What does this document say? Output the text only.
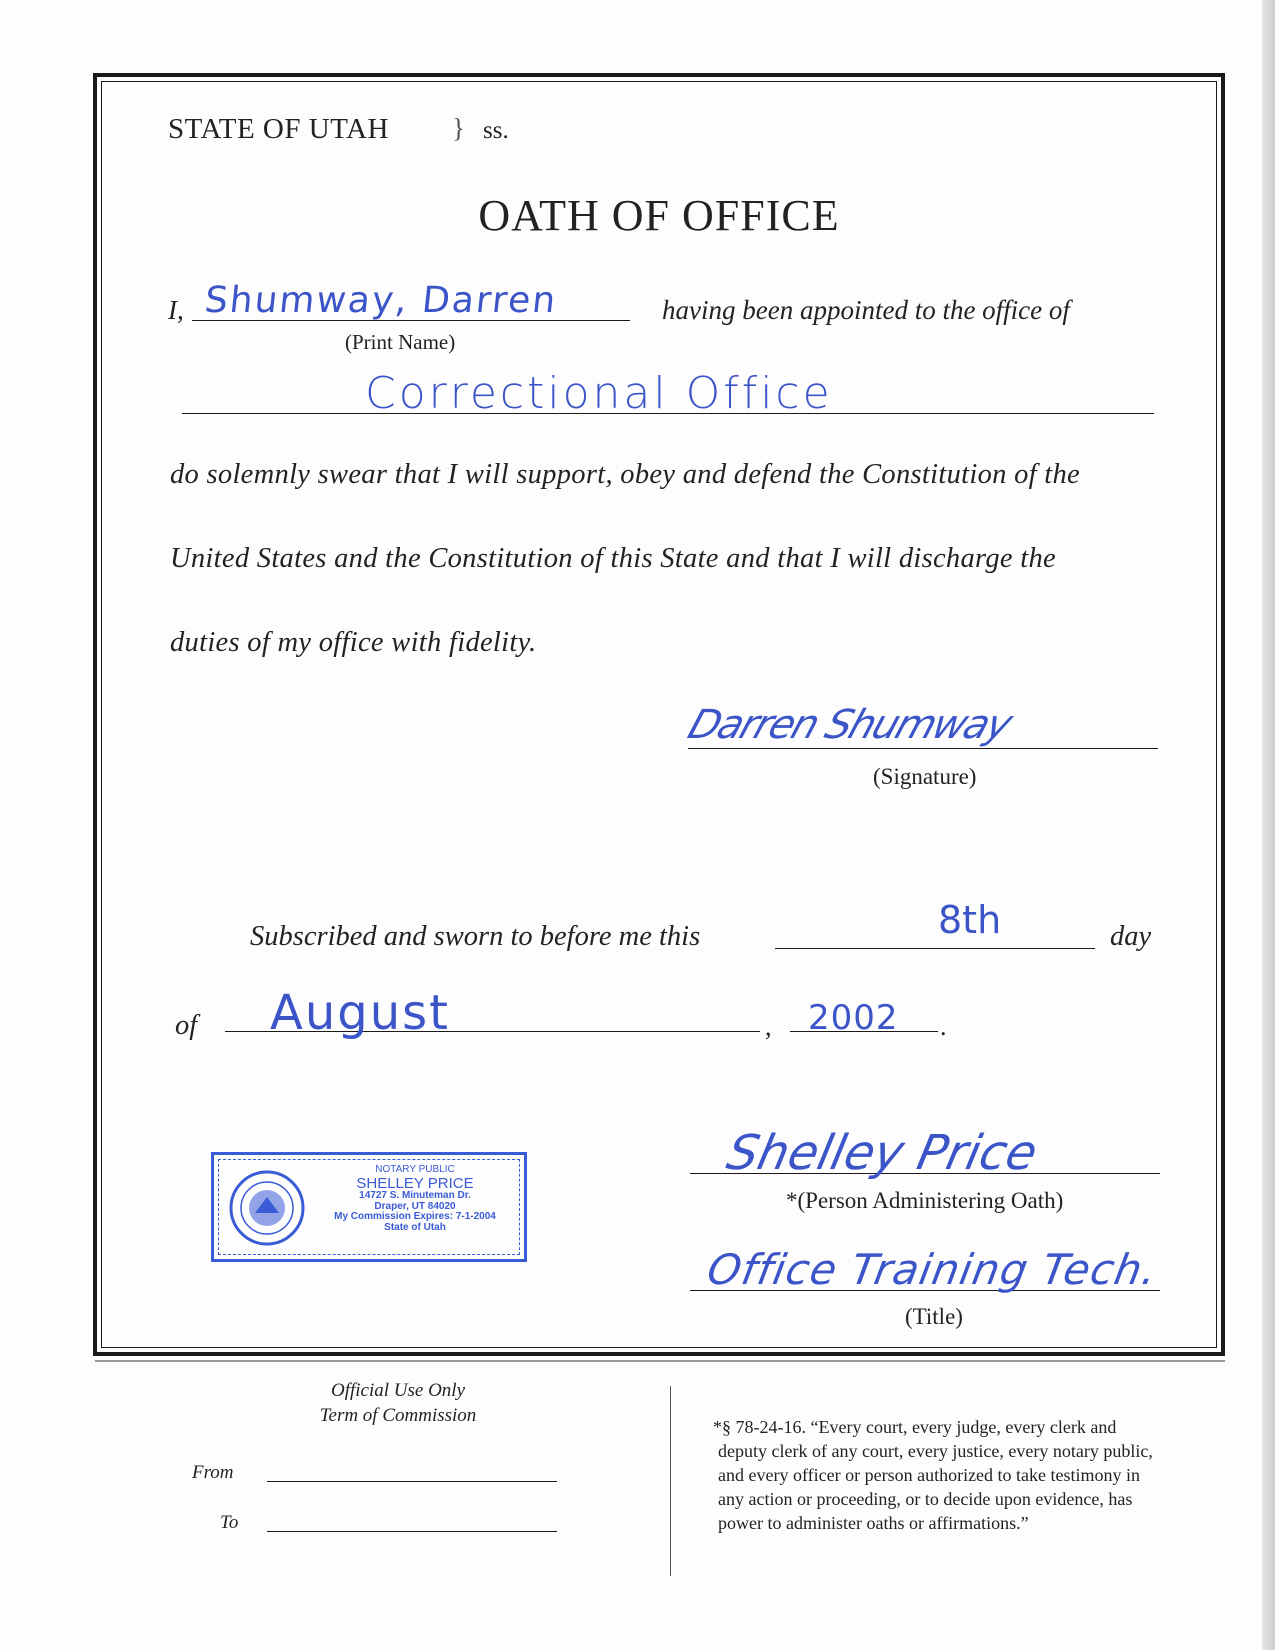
STATE OF UTAH } ss.
OATH OF OFFICE
I, Shumway, Darren	having been appointed to the office of
(Print Name)
Correctional Office
do solemnly swear that I will support, obey and defend the Constitution of the
United States and the Constitution of this State and that I will discharge the
duties of my office with fidelity.
Darren Shumway
(Signature)
Subscribed and sworn to before me this	8th	day
of August	, 2002 .
NOTARY PUBLIC
SHELLEY PRICE
14727 S. Minuteman Dr.
Draper, UT 84020
My Commission Expires: 7-1-2004
State of Utah
Shelley Price
*(Person Administering Oath)
Office Training Tech.
(Title)
Official Use Only
Term of Commission
From
To
*§ 78-24-16. “Every court, every judge, every clerk and
deputy clerk of any court, every justice, every notary public,
and every officer or person authorized to take testimony in
any action or proceeding, or to decide upon evidence, has
power to administer oaths or affirmations.”
